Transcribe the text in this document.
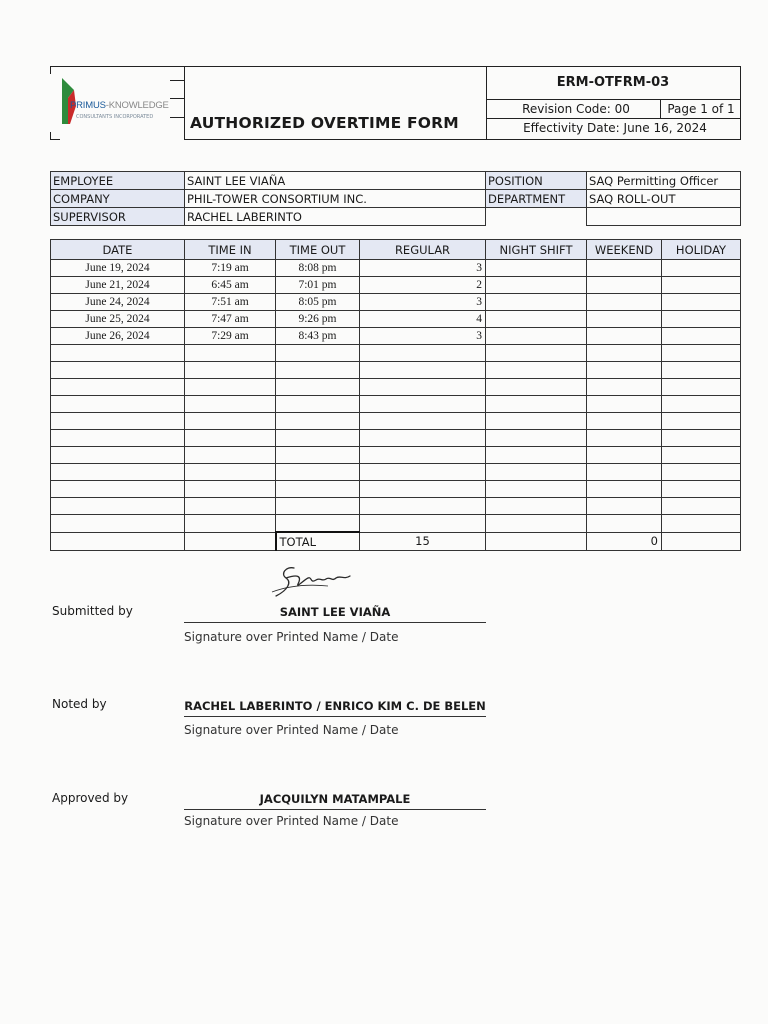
PRIMUS-KNOWLEDGE
CONSULTANTS INCORPORATED AUTHORIZED OVERTIME FORM
ERM-OTFRM-03
Revision Code: 00	Page 1 of 1
Effectivity Date: June 16, 2024
EMPLOYEE	SAINT LEE VIAÑA	POSITION	SAQ Permitting Officer
COMPANY	PHIL-TOWER CONSORTIUM INC.	DEPARTMENT	SAQ ROLL-OUT
SUPERVISOR	RACHEL LABERINTO		
DATE	TIME IN	TIME OUT	REGULAR	NIGHT SHIFT	WEEKEND	HOLIDAY
June 19, 2024	7:19 am	8:08 pm	3			
June 21, 2024	6:45 am	7:01 pm	2			
June 24, 2024	7:51 am	8:05 pm	3			
June 25, 2024	7:47 am	9:26 pm	4			
June 26, 2024	7:29 am	8:43 pm	3			

		TOTAL	15		0	
Submitted by	SAINT LEE VIAÑA
Signature over Printed Name / Date
Noted by	RACHEL LABERINTO / ENRICO KIM C. DE BELEN
Signature over Printed Name / Date
Approved by	JACQUILYN MATAMPALE
Signature over Printed Name / Date
